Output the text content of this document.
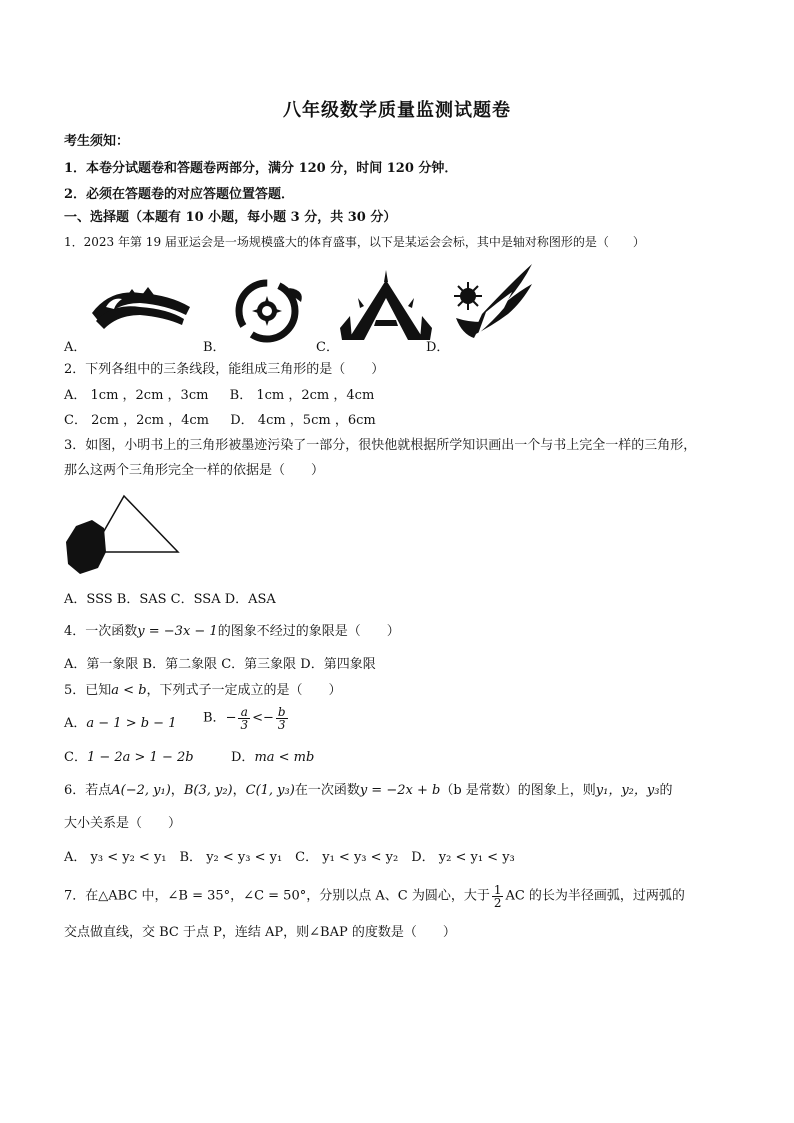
八年级数学质量监测试题卷
考生须知：
1．本卷分试题卷和答题卷两部分，满分 120 分，时间 120 分钟．
2．必须在答题卷的对应答题位置答题．
一、选择题（本题有 10 小题，每小题 3 分，共 30 分）
1．2023 年第 19 届亚运会是一场规模盛大的体育盛事，以下是某运会会标，其中是轴对称图形的是（　　）
A．	B．	C．	D．
2．下列各组中的三条线段，能组成三角形的是（　　）
A． 1cm ，2cm ，3cm 　 B． 1cm ，2cm ，4cm
C． 2cm ，2cm ，4cm 　 D． 4cm ，5cm ，6cm
3．如图，小明书上的三角形被墨迹污染了一部分，很快他就根据所学知识画出一个与书上完全一样的三角形，
那么这两个三角形完全一样的依据是（　　）
A．SSS B．SAS C．SSA D．ASA
4．一次函数y = −3x − 1的图象不经过的象限是（　　）
A．第一象限 B．第二象限 C．第三象限 D．第四象限
5．已知a < b，下列式子一定成立的是（　　）
A．a − 1 > b − 1 B．− $\frac{a}{3} <- \frac{b}{3}$
C．1 − 2a > 1 − 2b	D．ma < mb
6．若点A(−2, y₁)，B(3, y₂)，C(1, y₃)在一次函数y = −2x + b（b 是常数）的图象上，则y₁，y₂，y₃的
大小关系是（　　）
A． y₃ < y₂ < y₁　B． y₂ < y₃ < y₁　C． y₁ < y₃ < y₂　D． y₂ < y₁ < y₃
7．在△ABC 中，∠B = 35°，∠C = 50°，分别以点 A、C 为圆心，大于 $\frac{1}{2}$ AC 的长为半径画弧，过两弧的
交点做直线，交 BC 于点 P，连结 AP，则∠BAP 的度数是（　　）
